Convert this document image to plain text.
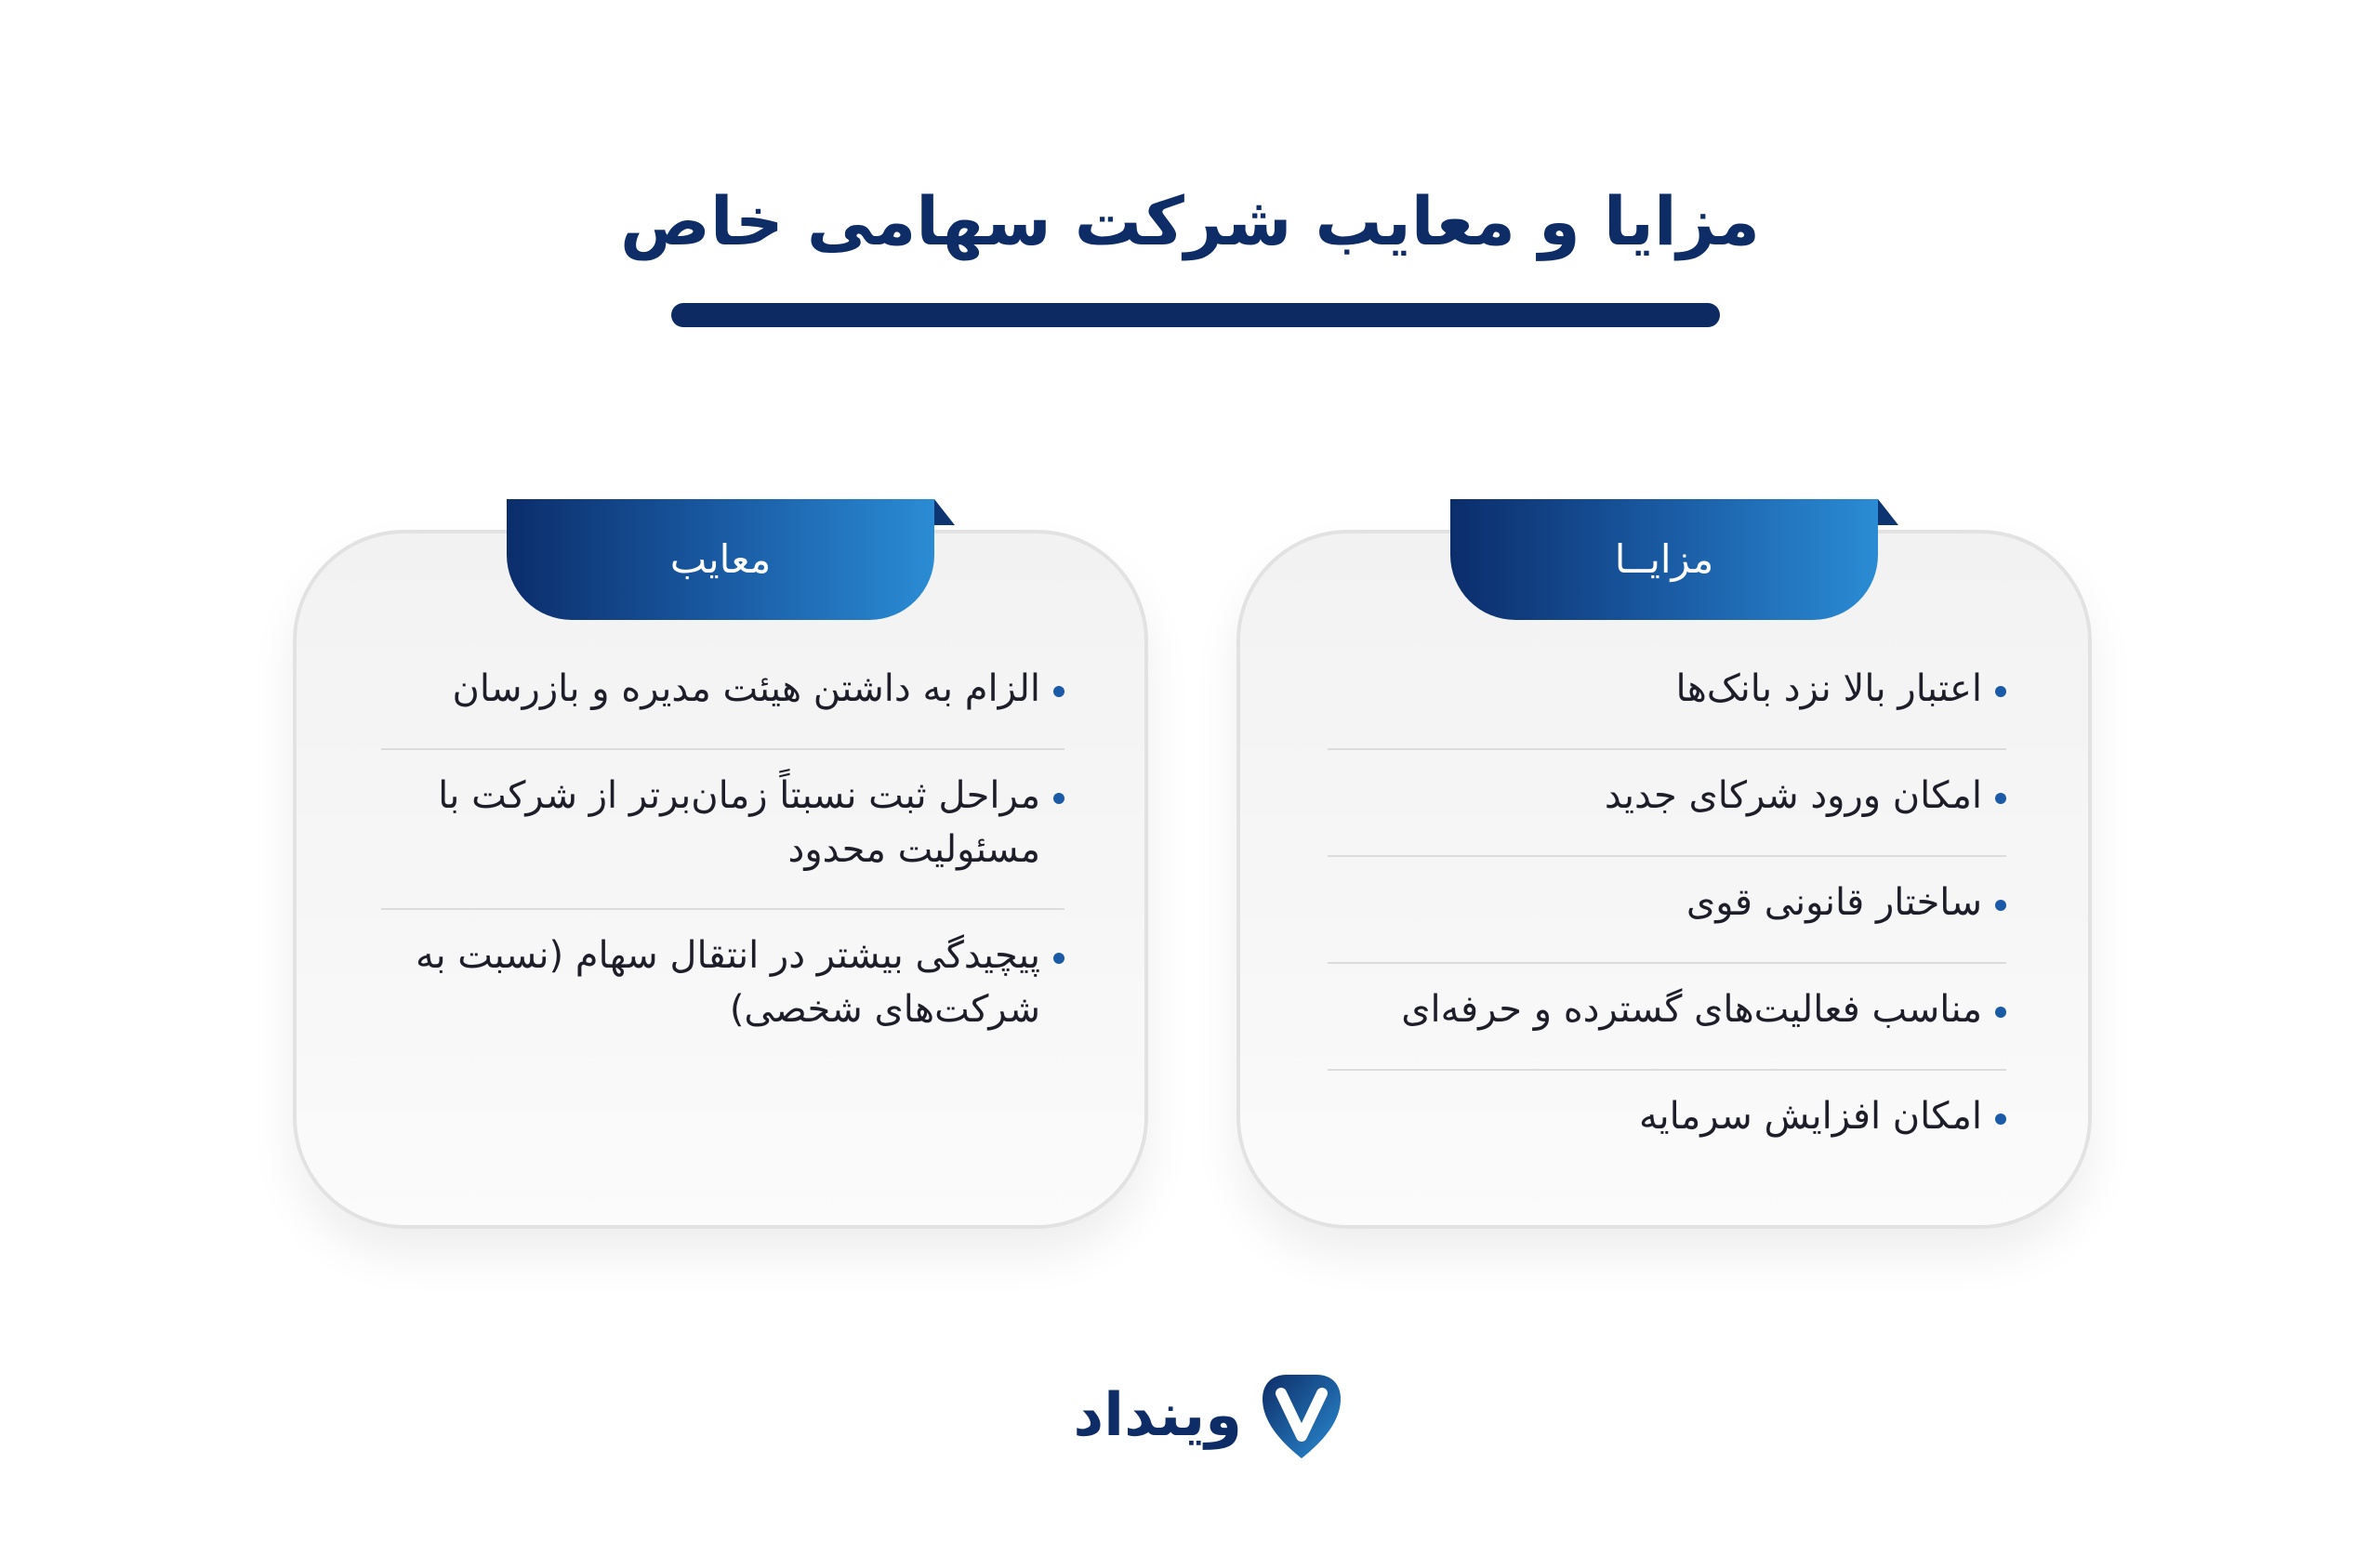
مزایا و معایب شرکت سهامی خاص
مزایــا
اعتبار بالا نزد بانک‌ها
امکان ورود شرکای جدید
ساختار قانونی قوی
مناسب فعالیت‌های گسترده و حرفه‌ای
امکان افزایش سرمایه
معایب
الزام به داشتن هیئت مدیره و بازرسان
مراحل ثبت نسبتاً زمان‌برتر از شرکت با مسئولیت محدود
پیچیدگی بیشتر در انتقال سهام (نسبت به شرکت‌های شخصی)
ویندا‌د
